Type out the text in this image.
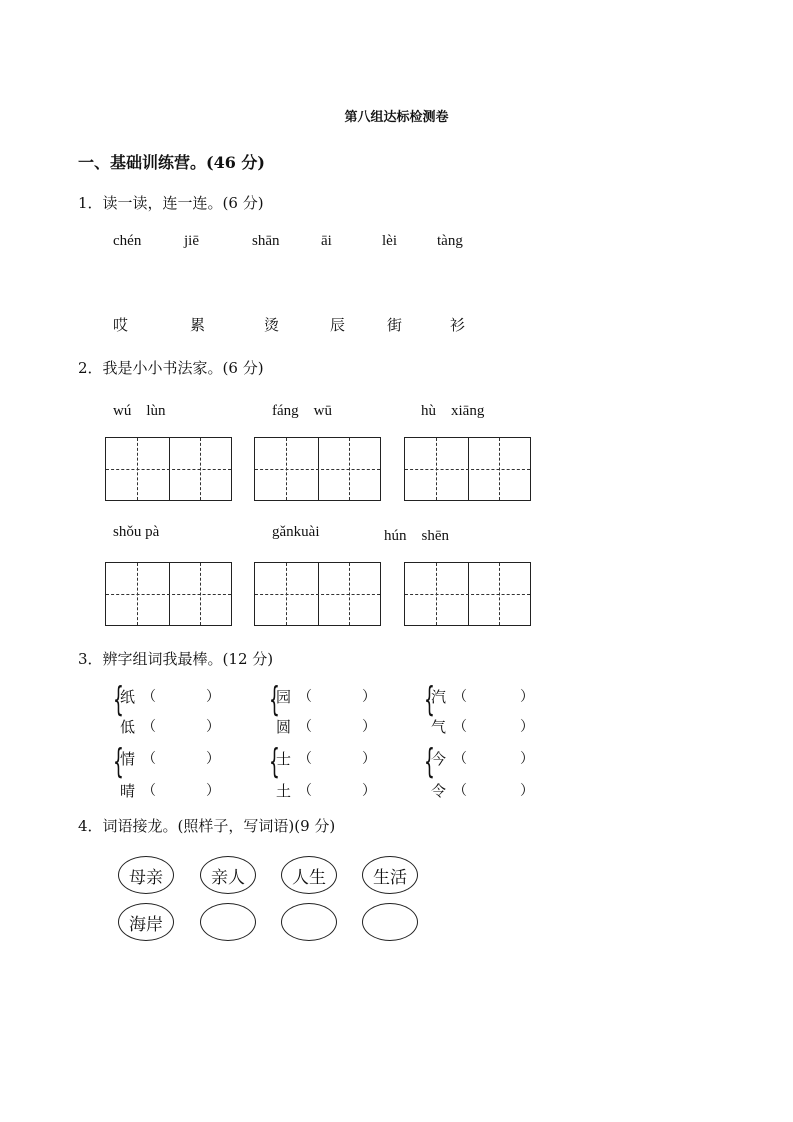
第八组达标检测卷
一、基础训练营。(46 分)
1．读一读，连一连。(6 分)
chén	jiē	shān	āi	lèi	tàng
哎	累	烫	辰	街	衫
2．我是小小书法家。(6 分)
wú　lùn	fáng　wū	hù　xiāng
shǒu pà	gǎnkuài	hún　shēn
3．辨字组词我最棒。(12 分)
{
纸 （	）
低 （	）
{
园 （	）
圆 （	）
{
汽 （	）
气 （	）
{
情 （	）
晴 （	）
{
士 （	）
土 （	）
{
今 （	）
令 （	）
4．词语接龙。(照样子，写词语)(9 分)
母亲	亲人	人生	生活
海岸
